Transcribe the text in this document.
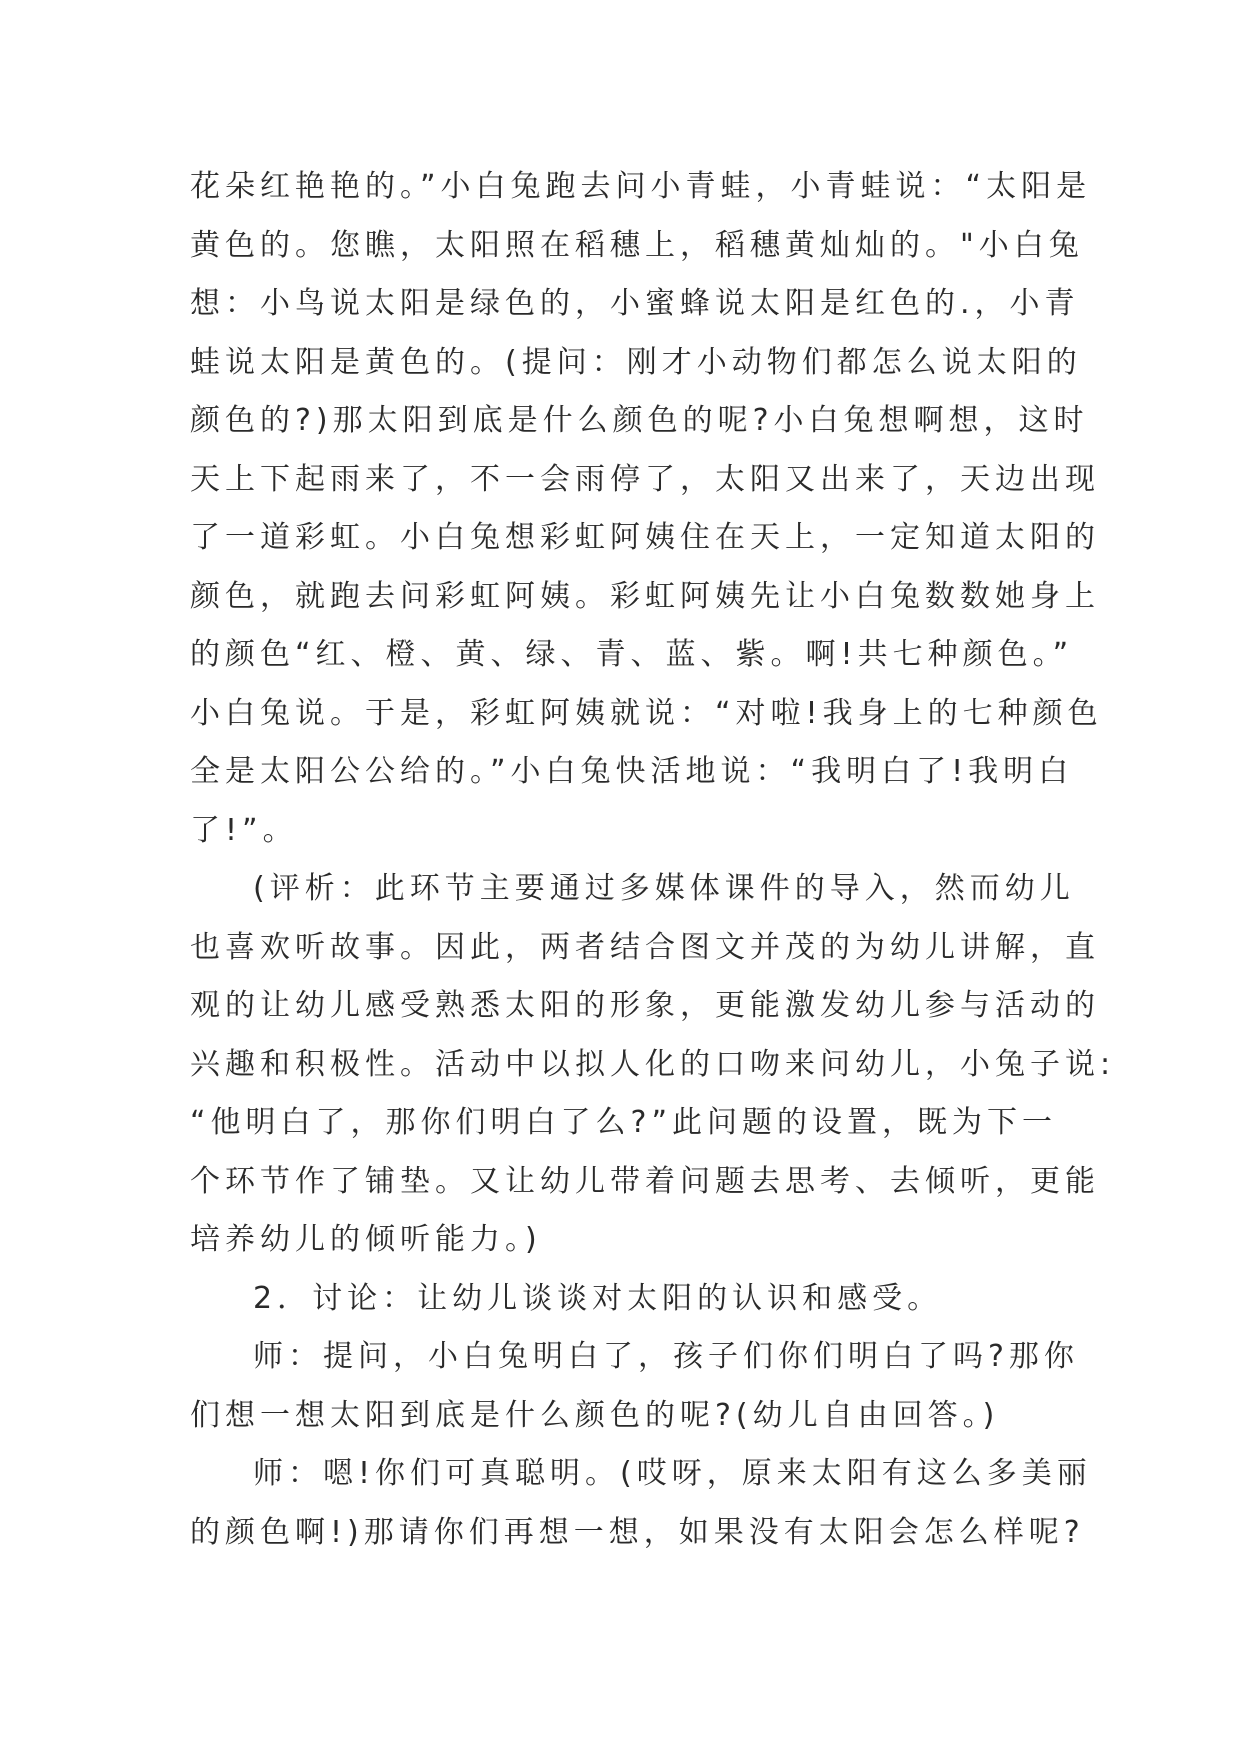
花朵红艳艳的。”小白兔跑去问小青蛙，小青蛙说：“太阳是
黄色的。您瞧，太阳照在稻穗上，稻穗黄灿灿的。"小白兔
想：小鸟说太阳是绿色的，小蜜蜂说太阳是红色的.，小青
蛙说太阳是黄色的。(提问：刚才小动物们都怎么说太阳的
颜色的?)那太阳到底是什么颜色的呢?小白兔想啊想，这时
天上下起雨来了，不一会雨停了，太阳又出来了，天边出现
了一道彩虹。小白兔想彩虹阿姨住在天上，一定知道太阳的
颜色，就跑去问彩虹阿姨。彩虹阿姨先让小白兔数数她身上
的颜色“红、橙、黄、绿、青、蓝、紫。啊!共七种颜色。”
小白兔说。于是，彩虹阿姨就说：“对啦!我身上的七种颜色
全是太阳公公给的。”小白兔快活地说：“我明白了!我明白
了!”。
(评析：此环节主要通过多媒体课件的导入，然而幼儿
也喜欢听故事。因此，两者结合图文并茂的为幼儿讲解，直
观的让幼儿感受熟悉太阳的形象，更能激发幼儿参与活动的
兴趣和积极性。活动中以拟人化的口吻来问幼儿，小兔子说:
“他明白了，那你们明白了么?”此问题的设置，既为下一
个环节作了铺垫。又让幼儿带着问题去思考、去倾听，更能
培养幼儿的倾听能力。)
2．讨论：让幼儿谈谈对太阳的认识和感受。
师：提问，小白兔明白了，孩子们你们明白了吗?那你
们想一想太阳到底是什么颜色的呢?(幼儿自由回答。)
师：嗯!你们可真聪明。(哎呀，原来太阳有这么多美丽
的颜色啊!)那请你们再想一想，如果没有太阳会怎么样呢?
